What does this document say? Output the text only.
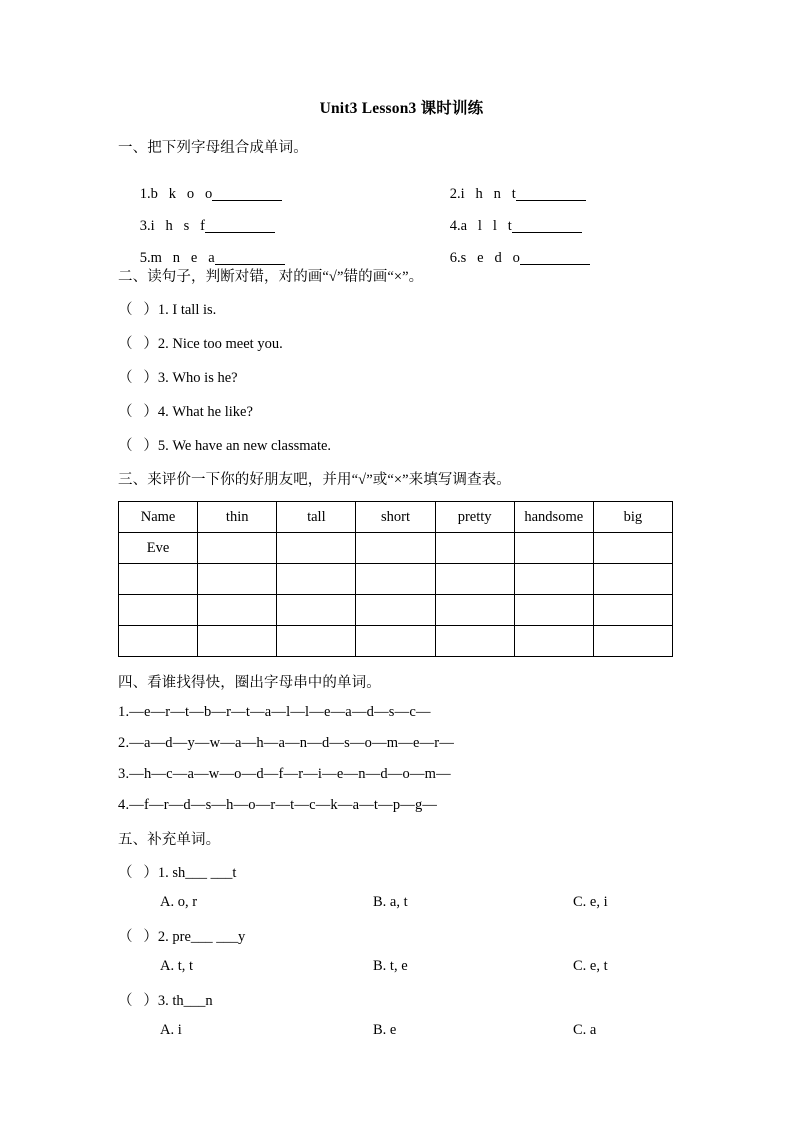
Unit3 Lesson3 课时训练
一、把下列字母组合成单词。

1.b   k   o   o
	2.i   h   n   t

3.i   h   s   f
	4.a   l   l   t

5.m   n   e   a
	6.s   e   d   o

二、读句子，判断对错，对的画“√”错的画“×”。
（   ）1. I tall is.
（   ）2. Nice too meet you.
（   ）3. Who is he?
（   ）4. What he like?
（   ）5. We have an new classmate.
三、来评价一下你的好朋友吧，并用“√”或“×”来填写调查表。
Name	thin	tall	short	pretty	handsome	big
Eve						

四、看谁找得快，圈出字母串中的单词。
1.—e—r—t—b—r—t—a—l—l—e—a—d—s—c—
2.—a—d—y—w—a—h—a—n—d—s—o—m—e—r—
3.—h—c—a—w—o—d—f—r—i—e—n—d—o—m—
4.—f—r—d—s—h—o—r—t—c—k—a—t—p—g—
五、补充单词。
（   ）1. sh___ ___t
A. o, r	B. a, t	C. e, i
（   ）2. pre___ ___y
A. t, t	B. t, e	C. e, t
（   ）3. th___n
A. i	B. e	C. a
